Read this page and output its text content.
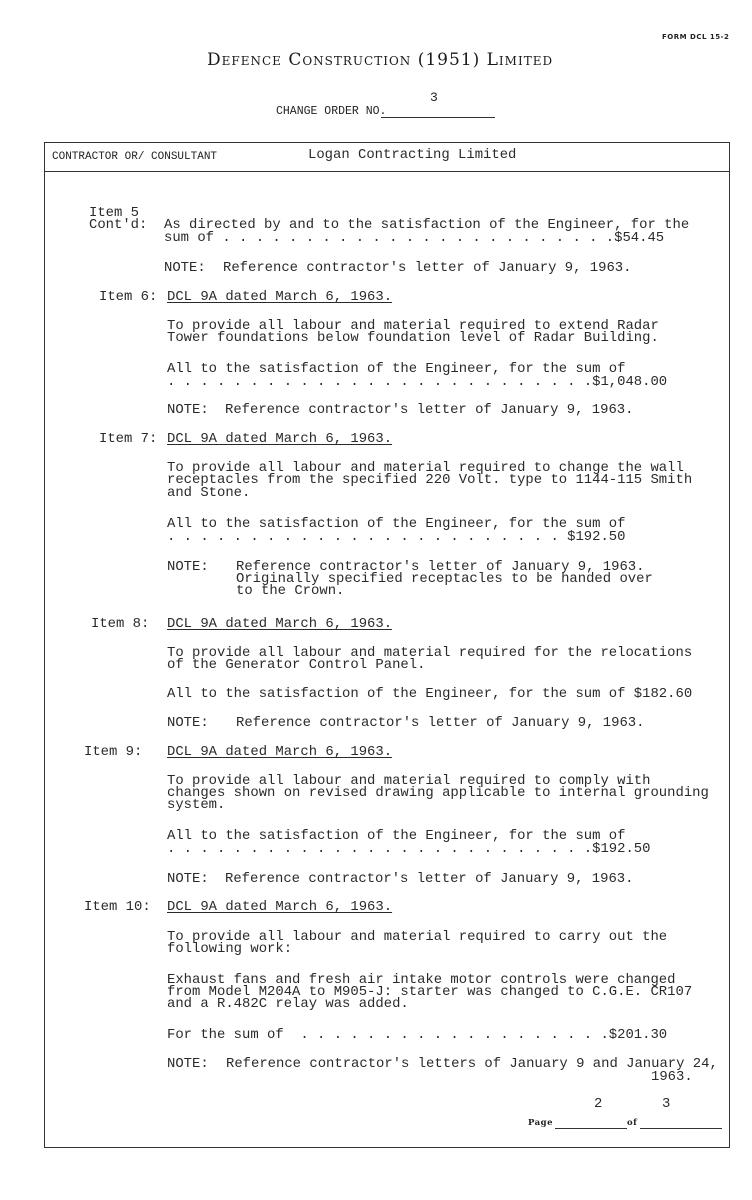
FORM DCL 15-2
Defence Construction (1951) Limited
CHANGE ORDER NO.
3
CONTRACTOR OR/ CONSULTANT	Logan Contracting Limited
Item 5
Cont'd: As directed by and to the satisfaction of the Engineer, for the
sum of . . . . . . . . . . . . . . . . . . . . . . . .$54.45
NOTE: Reference contractor's letter of January 9, 1963.
Item 6: DCL 9A dated March 6, 1963.
To provide all labour and material required to extend Radar
Tower foundations below foundation level of Radar Building.
All to the satisfaction of the Engineer, for the sum of
. . . . . . . . . . . . . . . . . . . . . . . . . .$1,048.00
NOTE: Reference contractor's letter of January 9, 1963.
Item 7: DCL 9A dated March 6, 1963.
To provide all labour and material required to change the wall
receptacles from the specified 220 Volt. type to 1144-115 Smith
and Stone.
All to the satisfaction of the Engineer, for the sum of
. . . . . . . . . . . . . . . . . . . . . . . . $192.50
NOTE: Reference contractor's letter of January 9, 1963.
Originally specified receptacles to be handed over
to the Crown.
Item 8: DCL 9A dated March 6, 1963.
To provide all labour and material required for the relocations
of the Generator Control Panel.
All to the satisfaction of the Engineer, for the sum of $182.60
NOTE: Reference contractor's letter of January 9, 1963.
Item 9: DCL 9A dated March 6, 1963.
To provide all labour and material required to comply with
changes shown on revised drawing applicable to internal grounding
system.
All to the satisfaction of the Engineer, for the sum of
. . . . . . . . . . . . . . . . . . . . . . . . . .$192.50
NOTE: Reference contractor's letter of January 9, 1963.
Item 10: DCL 9A dated March 6, 1963.
To provide all labour and material required to carry out the
following work:
Exhaust fans and fresh air intake motor controls were changed
from Model M204A to M905-J: starter was changed to C.G.E. CR107
and a R.482C relay was added.
For the sum of  . . . . . . . . . . . . . . . . . . .$201.30
NOTE: Reference contractor's letters of January 9 and January 24,
1963.
2	3
Page	of
